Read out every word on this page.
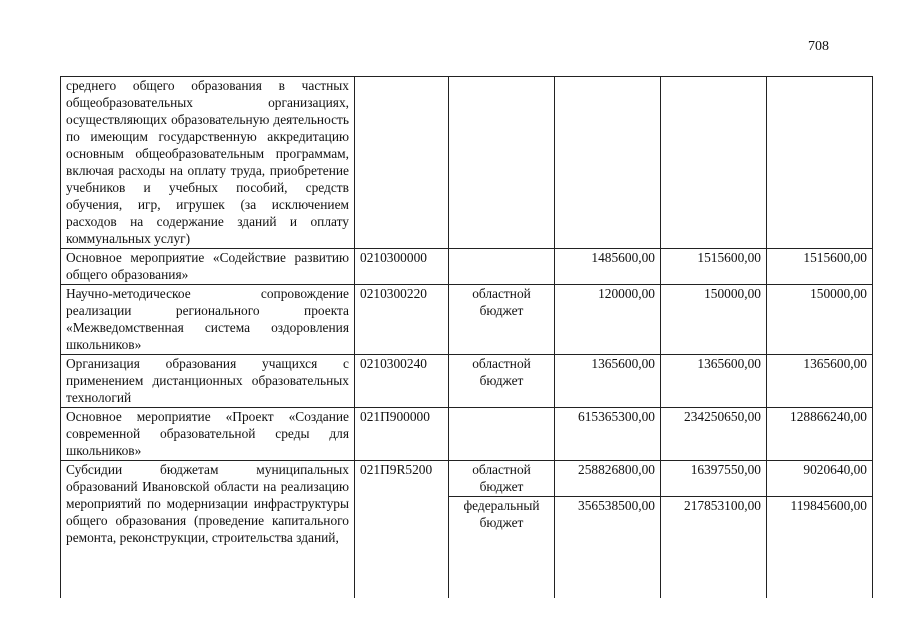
708
среднего общего образования в частных общеобразовательных организациях, осуществляющих образовательную деятельность по имеющим государственную аккредитацию основным общеобразовательным программам, включая расходы на оплату труда, приобретение учебников и учебных пособий, средств обучения, игр, игрушек (за исключением расходов на содержание зданий и оплату коммунальных услуг)					
Основное мероприятие «Содействие развитию общего образования»	0210300000		1485600,00	1515600,00	1515600,00
Научно-методическое сопровождение реализации регионального проекта «Межведомственная система оздоровления школьников»	0210300220	областной бюджет	120000,00	150000,00	150000,00
Организация образования учащихся с применением дистанционных образовательных технологий	0210300240	областной бюджет	1365600,00	1365600,00	1365600,00
Основное мероприятие «Проект «Создание современной образовательной среды для школьников»	021П900000		615365300,00	234250650,00	128866240,00
Субсидии бюджетам муниципальных образований Ивановской области на реализацию мероприятий по модернизации инфраструктуры общего образования (проведение капитального ремонта, реконструкции, строительства зданий,	021П9R5200	областной бюджет	258826800,00	16397550,00	9020640,00
		федеральный бюджет	356538500,00	217853100,00	119845600,00
